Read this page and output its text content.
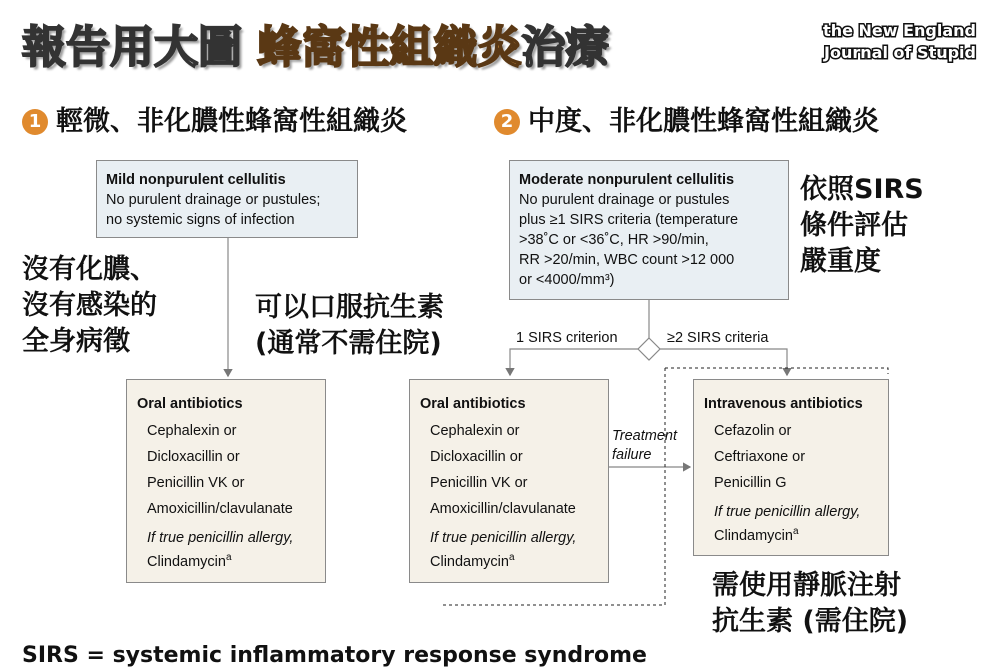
報告用大圖 蜂窩性組織炎治療	the New England
Journal of Stupid
1 輕微、非化膿性蜂窩性組織炎	2 中度、非化膿性蜂窩性組織炎
Mild nonpurulent cellulitis
No purulent drainage or pustules;
no systemic signs of infection
Moderate nonpurulent cellulitis
No purulent drainage or pustules
plus ≥1 SIRS criteria (temperature
>38˚C or <36˚C, HR >90/min,
RR >20/min, WBC count >12 000
or <4000/mm³)
沒有化膿、
沒有感染的
全身病徵
可以口服抗生素
(通常不需住院)
依照SIRS
條件評估
嚴重度
需使用靜脈注射
抗生素 (需住院)
1 SIRS criterion	≥2 SIRS criteria
Treatment
failure
Oral antibiotics
Cephalexin or
Dicloxacillin or
Penicillin VK or
Amoxicillin/clavulanate
If true penicillin allergy,
Clindamycin$^a$
Oral antibiotics
Cephalexin or
Dicloxacillin or
Penicillin VK or
Amoxicillin/clavulanate
If true penicillin allergy,
Clindamycin$^a$
Intravenous antibiotics
Cefazolin or
Ceftriaxone or
Penicillin G
If true penicillin allergy,
Clindamycin$^a$
SIRS = systemic inflammatory response syndrome
